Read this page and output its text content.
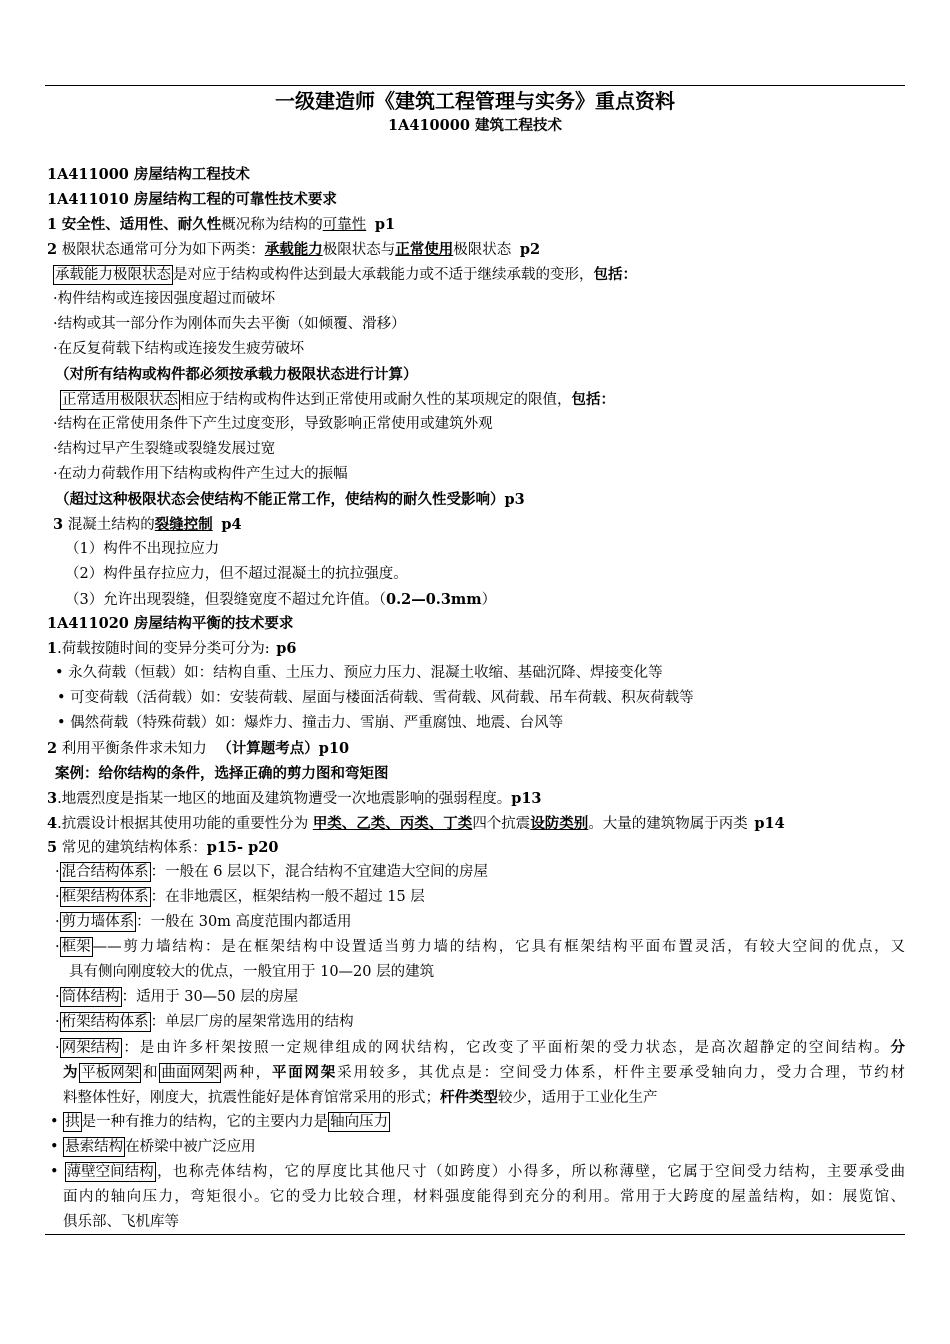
一级建造师《建筑工程管理与实务》重点资料
1A410000 建筑工程技术
1A411000 房屋结构工程技术
1A411010 房屋结构工程的可靠性技术要求
1 安全性、适用性、耐久性概况称为结构的可靠性 p1
2 极限状态通常可分为如下两类：承载能力极限状态与正常使用极限状态 p2
承载能力极限状态 是对应于结构或构件达到最大承载能力或不适于继续承载的变形，包括：
·构件结构或连接因强度超过而破坏
·结构或其一部分作为刚体而失去平衡（如倾覆、滑移）
·在反复荷载下结构或连接发生疲劳破坏
（对所有结构或构件都必须按承载力极限状态进行计算）
正常适用极限状态 相应于结构或构件达到正常使用或耐久性的某项规定的限值，包括：
·结构在正常使用条件下产生过度变形，导致影响正常使用或建筑外观
·结构过早产生裂缝或裂缝发展过宽
·在动力荷载作用下结构或构件产生过大的振幅
（超过这种极限状态会使结构不能正常工作，使结构的耐久性受影响）p3
3 混凝土结构的裂缝控制 p4
（1）构件不出现拉应力
（2）构件虽存拉应力，但不超过混凝土的抗拉强度。
（3）允许出现裂缝，但裂缝宽度不超过允许值。（0.2—0.3mm）
1A411020 房屋结构平衡的技术要求
1.荷载按随时间的变异分类可分为: p6
• 永久荷载（恒载）如：结构自重、土压力、预应力压力、混凝土收缩、基础沉降、焊接变化等
• 可变荷载（活荷载）如：安装荷载、屋面与楼面活荷载、雪荷载、风荷载、吊车荷载、积灰荷载等
• 偶然荷载（特殊荷载）如：爆炸力、撞击力、雪崩、严重腐蚀、地震、台风等
2 利用平衡条件求未知力 （计算题考点）p10
案例：给你结构的条件，选择正确的剪力图和弯矩图
3.地震烈度是指某一地区的地面及建筑物遭受一次地震影响的强弱程度。p13
4.抗震设计根据其使用功能的重要性分为 甲类、乙类、丙类、丁类四个抗震设防类别。大量的建筑物属于丙类 p14
5 常见的建筑结构体系：p15- p20
· 混合结构体系 ：一般在 6 层以下，混合结构不宜建造大空间的房屋
· 框架结构体系 ：在非地震区，框架结构一般不超过 15 层
· 剪力墙体系 ：一般在 30m 高度范围内都适用
· 框架 ——剪力墙结构：是在框架结构中设置适当剪力墙的结构，它具有框架结构平面布置灵活，有较大空间的优点，又
具有侧向刚度较大的优点，一般宜用于 10—20 层的建筑
· 筒体结构 ：适用于 30—50 层的房屋
· 桁架结构体系 ：单层厂房的屋架常选用的结构
· 网架结构 ：是由许多杆架按照一定规律组成的网状结构，它改变了平面桁架的受力状态，是高次超静定的空间结构。分
为 平板网架 和 曲面网架 两种，平面网架采用较多，其优点是：空间受力体系，杆件主要承受轴向力，受力合理，节约材
料整体性好，刚度大，抗震性能好是体育馆常采用的形式；杆件类型较少，适用于工业化生产
• 拱 是一种有推力的结构，它的主要内力是 轴向压力
• 悬索结构 在桥梁中被广泛应用
• 薄壁空间结构 ，也称壳体结构，它的厚度比其他尺寸（如跨度）小得多，所以称薄壁，它属于空间受力结构，主要承受曲
面内的轴向压力，弯矩很小。它的受力比较合理，材料强度能得到充分的利用。常用于大跨度的屋盖结构，如：展览馆、
俱乐部、飞机库等
